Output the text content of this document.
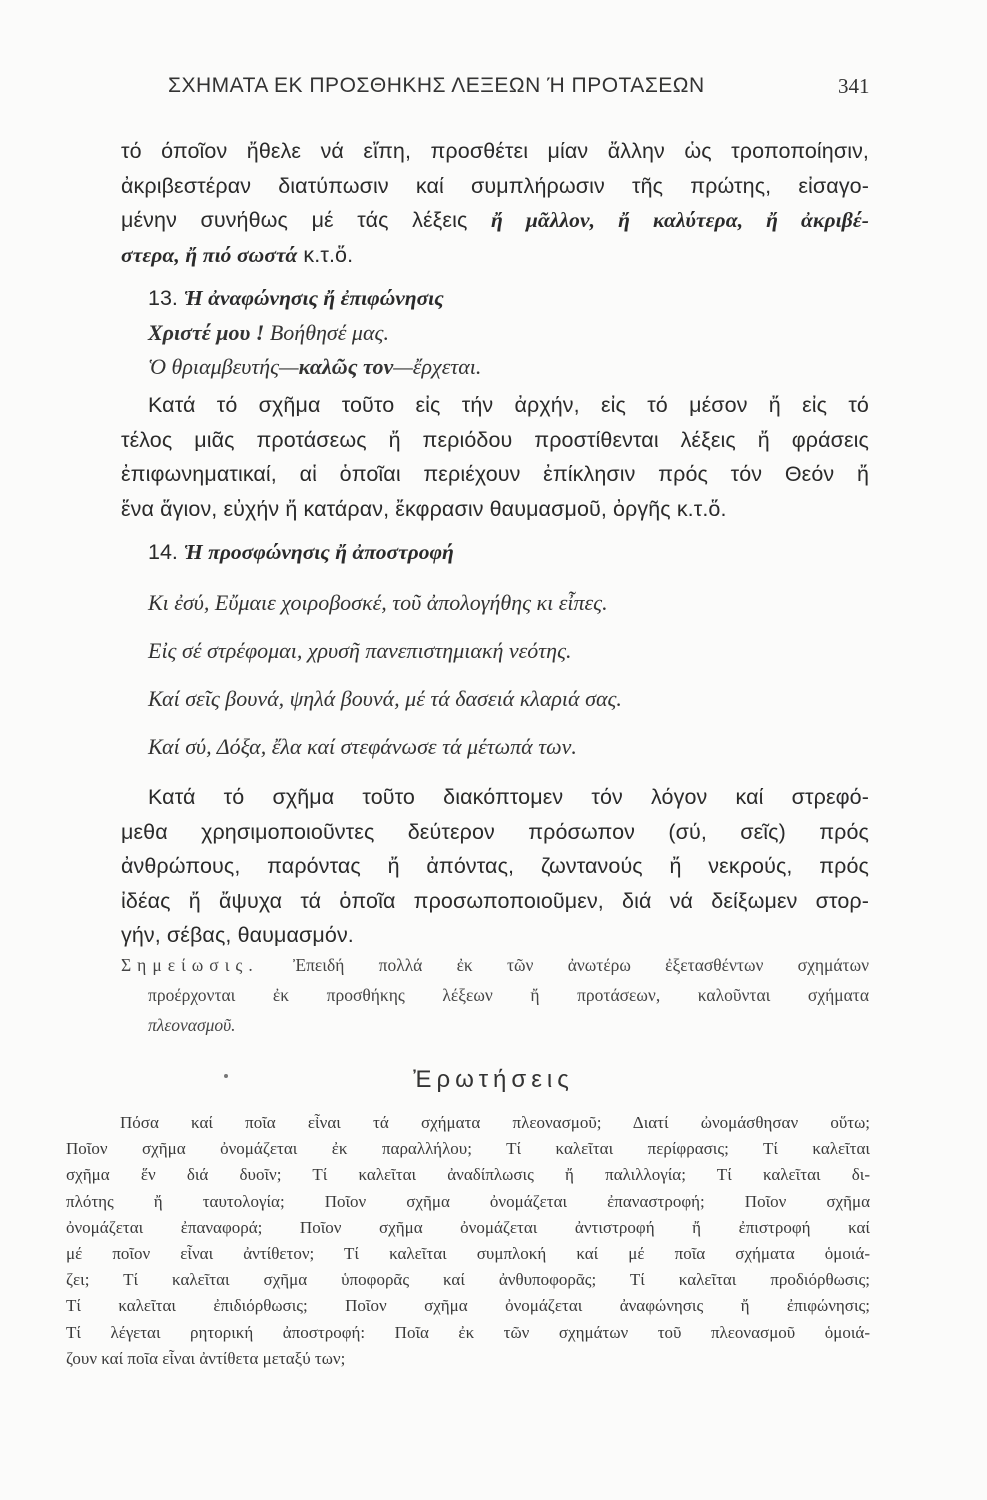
ΣΧΗΜΑΤΑ ΕΚ ΠΡΟΣΘΗΚΗΣ ΛΕΞΕΩΝ Ή ΠΡΟΤΑΣΕΩΝ	341
τό όποῖον ἤθελε νά εἴπη, προσθέτει μίαν ἄλλην ὡς τροποποίησιν,
ἀκριβεστέραν διατύπωσιν καί συμπλήρωσιν τῆς πρώτης, εἰσαγο-
μένην συνήθως μέ τάς λέξεις ἤ μᾶλλον, ἤ καλύτερα, ἤ ἀκριβέ-
στερα, ἤ πιό σωστά κ.τ.ὅ.
13. Ἡ ἀναφώνησις ἤ ἐπιφώνησις
Χριστέ μου ! Βοήθησέ μας.
Ὁ θριαμβευτής—καλῶς τον—ἔρχεται.
Κατά τό σχῆμα τοῦτο εἰς τήν ἀρχήν, εἰς τό μέσον ἤ εἰς τό
τέλος μιᾶς προτάσεως ἤ περιόδου προστίθενται λέξεις ἤ φράσεις
ἐπιφωνηματικαί, αἱ ὁποῖαι περιέχουν ἐπίκλησιν πρός τόν Θεόν ἤ
ἕνα ἅγιον, εὐχήν ἤ κατάραν, ἔκφρασιν θαυμασμοῦ, ὀργῆς κ.τ.ὅ.
14. Ἡ προσφώνησις ἤ ἀποστροφή
Κι ἐσύ, Εὔμαιε χοιροβοσκέ, τοῦ ἀπολογήθης κι εἶπες.
Εἰς σέ στρέφομαι, χρυσῆ πανεπιστημιακή νεότης.
Καί σεῖς βουνά, ψηλά βουνά, μέ τά δασειά κλαριά σας.
Καί σύ, Δόξα, ἔλα καί στεφάνωσε τά μέτωπά των.
Κατά τό σχῆμα τοῦτο διακόπτομεν τόν λόγον καί στρεφό-
μεθα χρησιμοποιοῦντες δεύτερον πρόσωπον (σύ, σεῖς) πρός
ἀνθρώπους, παρόντας ἤ ἀπόντας, ζωντανούς ἤ νεκρούς, πρός
ἰδέας ἤ ἄψυχα τά ὁποῖα προσωποποιοῦμεν, διά νά δείξωμεν στορ-
γήν, σέβας, θαυμασμόν.
Σημείωσις. Ἐπειδή πολλά ἐκ τῶν ἀνωτέρω ἐξετασθέντων σχημάτων
προέρχονται ἐκ προσθήκης λέξεων ἤ προτάσεων, καλοῦνται σχήματα
πλεονασμοῦ.
Ἐρωτήσεις
Πόσα καί ποῖα εἶναι τά σχήματα πλεονασμοῦ; Διατί ὠνομάσθησαν οὕτω;
Ποῖον σχῆμα ὀνομάζεται ἐκ παραλλήλου; Τί καλεῖται περίφρασις; Τί καλεῖται
σχῆμα ἕν διά δυοῖν; Τί καλεῖται ἀναδίπλωσις ἤ παλιλλογία; Τί καλεῖται δι-
πλότης ἤ ταυτολογία; Ποῖον σχῆμα ὀνομάζεται ἐπαναστροφή; Ποῖον σχῆμα
ὀνομάζεται ἐπαναφορά; Ποῖον σχῆμα ὀνομάζεται ἀντιστροφή ἤ ἐπιστροφή καί
μέ ποῖον εἶναι ἀντίθετον; Τί καλεῖται συμπλοκή καί μέ ποῖα σχήματα ὁμοιά-
ζει; Τί καλεῖται σχῆμα ὑποφορᾶς καί ἀνθυποφορᾶς; Τί καλεῖται προδιόρθωσις;
Τί καλεῖται ἐπιδιόρθωσις; Ποῖον σχῆμα ὀνομάζεται ἀναφώνησις ἤ ἐπιφώνησις;
Τί λέγεται ρητορική ἀποστροφή: Ποῖα ἐκ τῶν σχημάτων τοῦ πλεονασμοῦ ὁμοιά-
ζουν καί ποῖα εἶναι ἀντίθετα μεταξύ των;
